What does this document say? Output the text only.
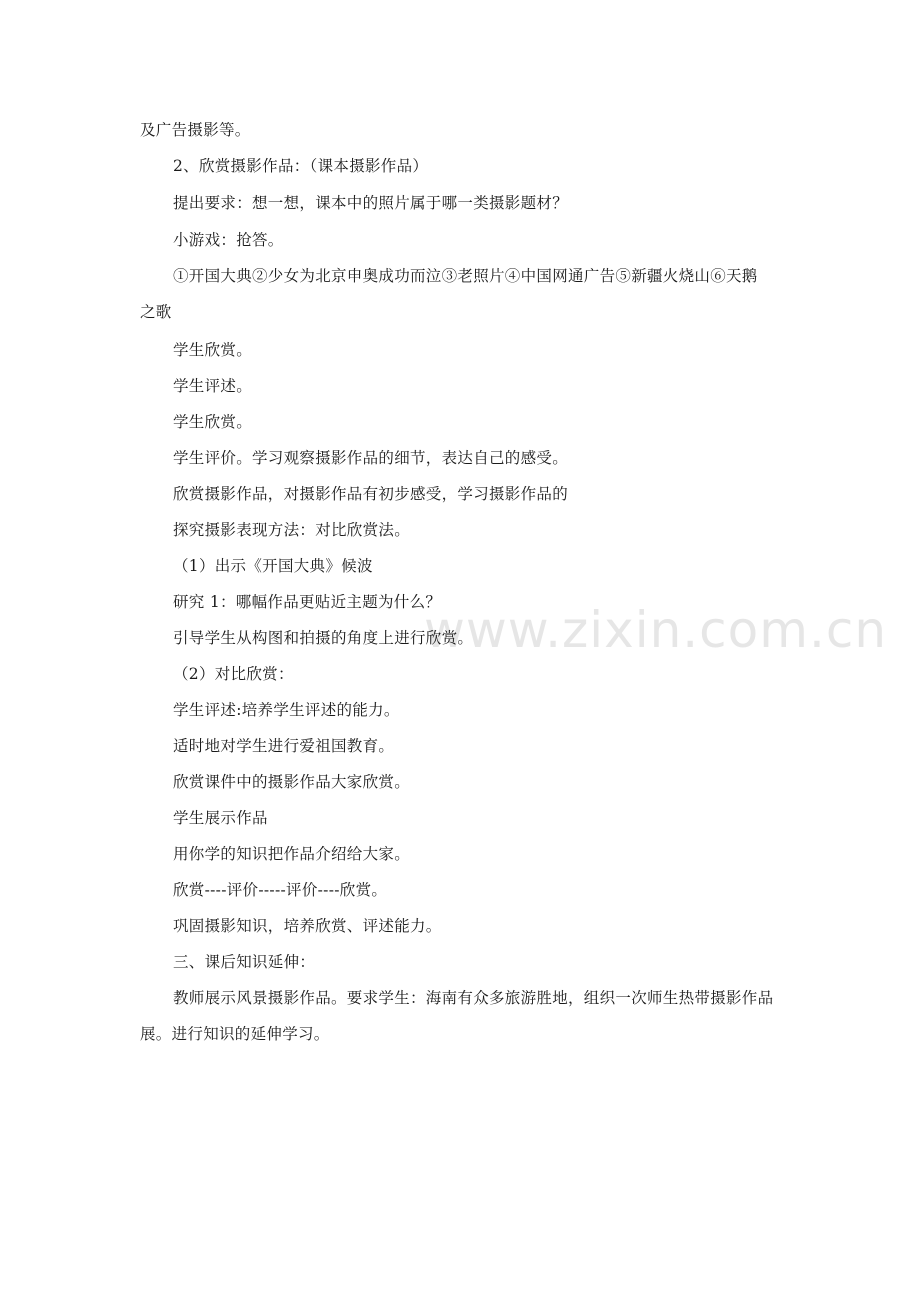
www.zixin.com.cn
及广告摄影等。
2、欣赏摄影作品：（课本摄影作品）
提出要求：想一想，课本中的照片属于哪一类摄影题材？
小游戏：抢答。
①开国大典②少女为北京申奥成功而泣③老照片④中国网通广告⑤新疆火烧山⑥天鹅
之歌
学生欣赏。
学生评述。
学生欣赏。
学生评价。学习观察摄影作品的细节，表达自己的感受。
欣赏摄影作品，对摄影作品有初步感受，学习摄影作品的
探究摄影表现方法：对比欣赏法。
（1）出示《开国大典》候波
研究 1：哪幅作品更贴近主题为什么？
引导学生从构图和拍摄的角度上进行欣赏。
（2）对比欣赏：
学生评述:培养学生评述的能力。
适时地对学生进行爱祖国教育。
欣赏课件中的摄影作品大家欣赏。
学生展示作品
用你学的知识把作品介绍给大家。
欣赏----评价-----评价----欣赏。
巩固摄影知识，培养欣赏、评述能力。
三、课后知识延伸：
教师展示风景摄影作品。要求学生：海南有众多旅游胜地，组织一次师生热带摄影作品
展。进行知识的延伸学习。
